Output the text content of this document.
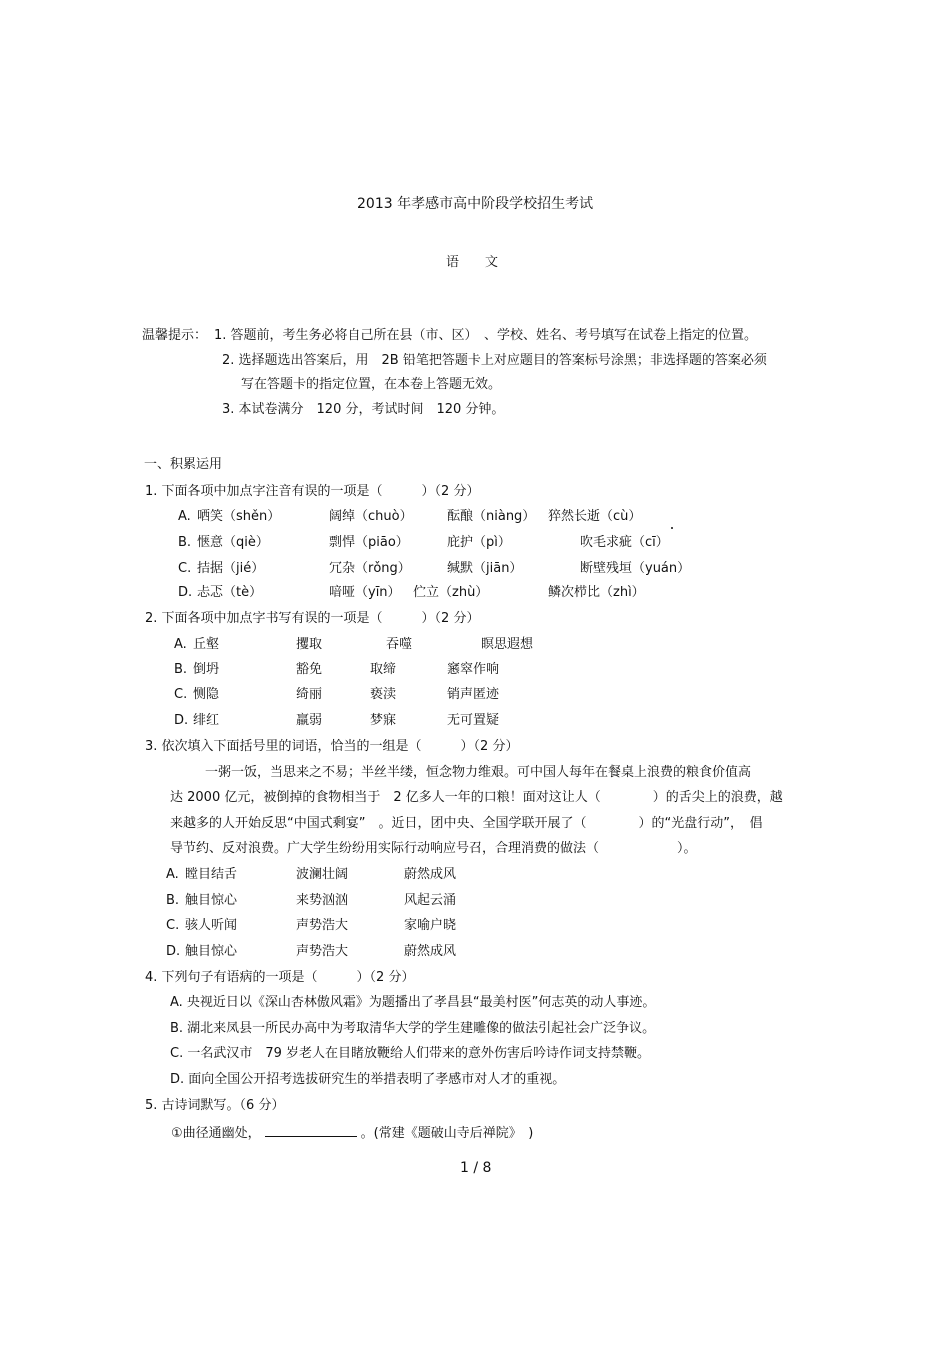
2013 年孝感市高中阶段学校招生考试
语　　文
温馨提示： 1. 答题前，考生务必将自己所在县（市、区）　、学校、姓名、考号填写在试卷上指定的位置。
2. 选择题选出答案后，用　2B 铅笔把答题卡上对应题目的答案标号涂黑；非选择题的答案必须
写在答题卡的指定位置，在本卷上答题无效。
3. 本试卷满分　120 分，考试时间　120 分钟。
一、积累运用
1. 下面各项中加点字注音有误的一项是（　　　）（2 分）
A. 哂笑（shěn）	阔绰（chuò）	酝酿（niàng） 猝然长逝（cù）
B. 惬意（qiè）	剽悍（piāo）	庇护（pì）	吹毛求疵（cī）
C. 拮据（jié）	冗杂（rǒng）	缄默（jiān）	断壁残垣（yuán）
D. 忐忑（tè）	喑哑（yīn） 伫立（zhù）	鳞次栉比（zhì）
2. 下面各项中加点字书写有误的一项是（　　　）（2 分）
A. 丘壑	攫取	吞噬	瞑思遐想
B. 倒坍	豁免	取缔	窸窣作响
C. 恻隐	绮丽	亵渎	销声匿迹
D. 绯红	羸弱	梦寐	无可置疑
3. 依次填入下面括号里的词语，恰当的一组是（　　　）（2 分）
一粥一饭，当思来之不易；半丝半缕，恒念物力维艰。可中国人每年在餐桌上浪费的粮食价值高
达 2000 亿元，被倒掉的食物相当于　2 亿多人一年的口粮！面对这让人（　　　　）的舌尖上的浪费，越
来越多的人开始反思“中国式剩宴”　。近日，团中央、全国学联开展了（　　　　）的“光盘行动”，　倡
导节约、反对浪费。广大学生纷纷用实际行动响应号召，合理消费的做法（　　　　　　）。
A. 瞠目结舌	波澜壮阔	蔚然成风
B. 触目惊心	来势汹汹	风起云涌
C. 骇人听闻	声势浩大	家喻户晓
D. 触目惊心	声势浩大	蔚然成风
4. 下列句子有语病的一项是（　　　）（2 分）
A. 央视近日以《深山杏林傲风霜》为题播出了孝昌县“最美村医”何志英的动人事迹。
B. 湖北来凤县一所民办高中为考取清华大学的学生建雕像的做法引起社会广泛争议。
C. 一名武汉市　79 岁老人在目睹放鞭给人们带来的意外伤害后吟诗作词支持禁鞭。
D. 面向全国公开招考选拔研究生的举措表明了孝感市对人才的重视。
5. 古诗词默写。（6 分）
①曲径通幽处，	。(常建《题破山寺后禅院》　)
1 / 8
